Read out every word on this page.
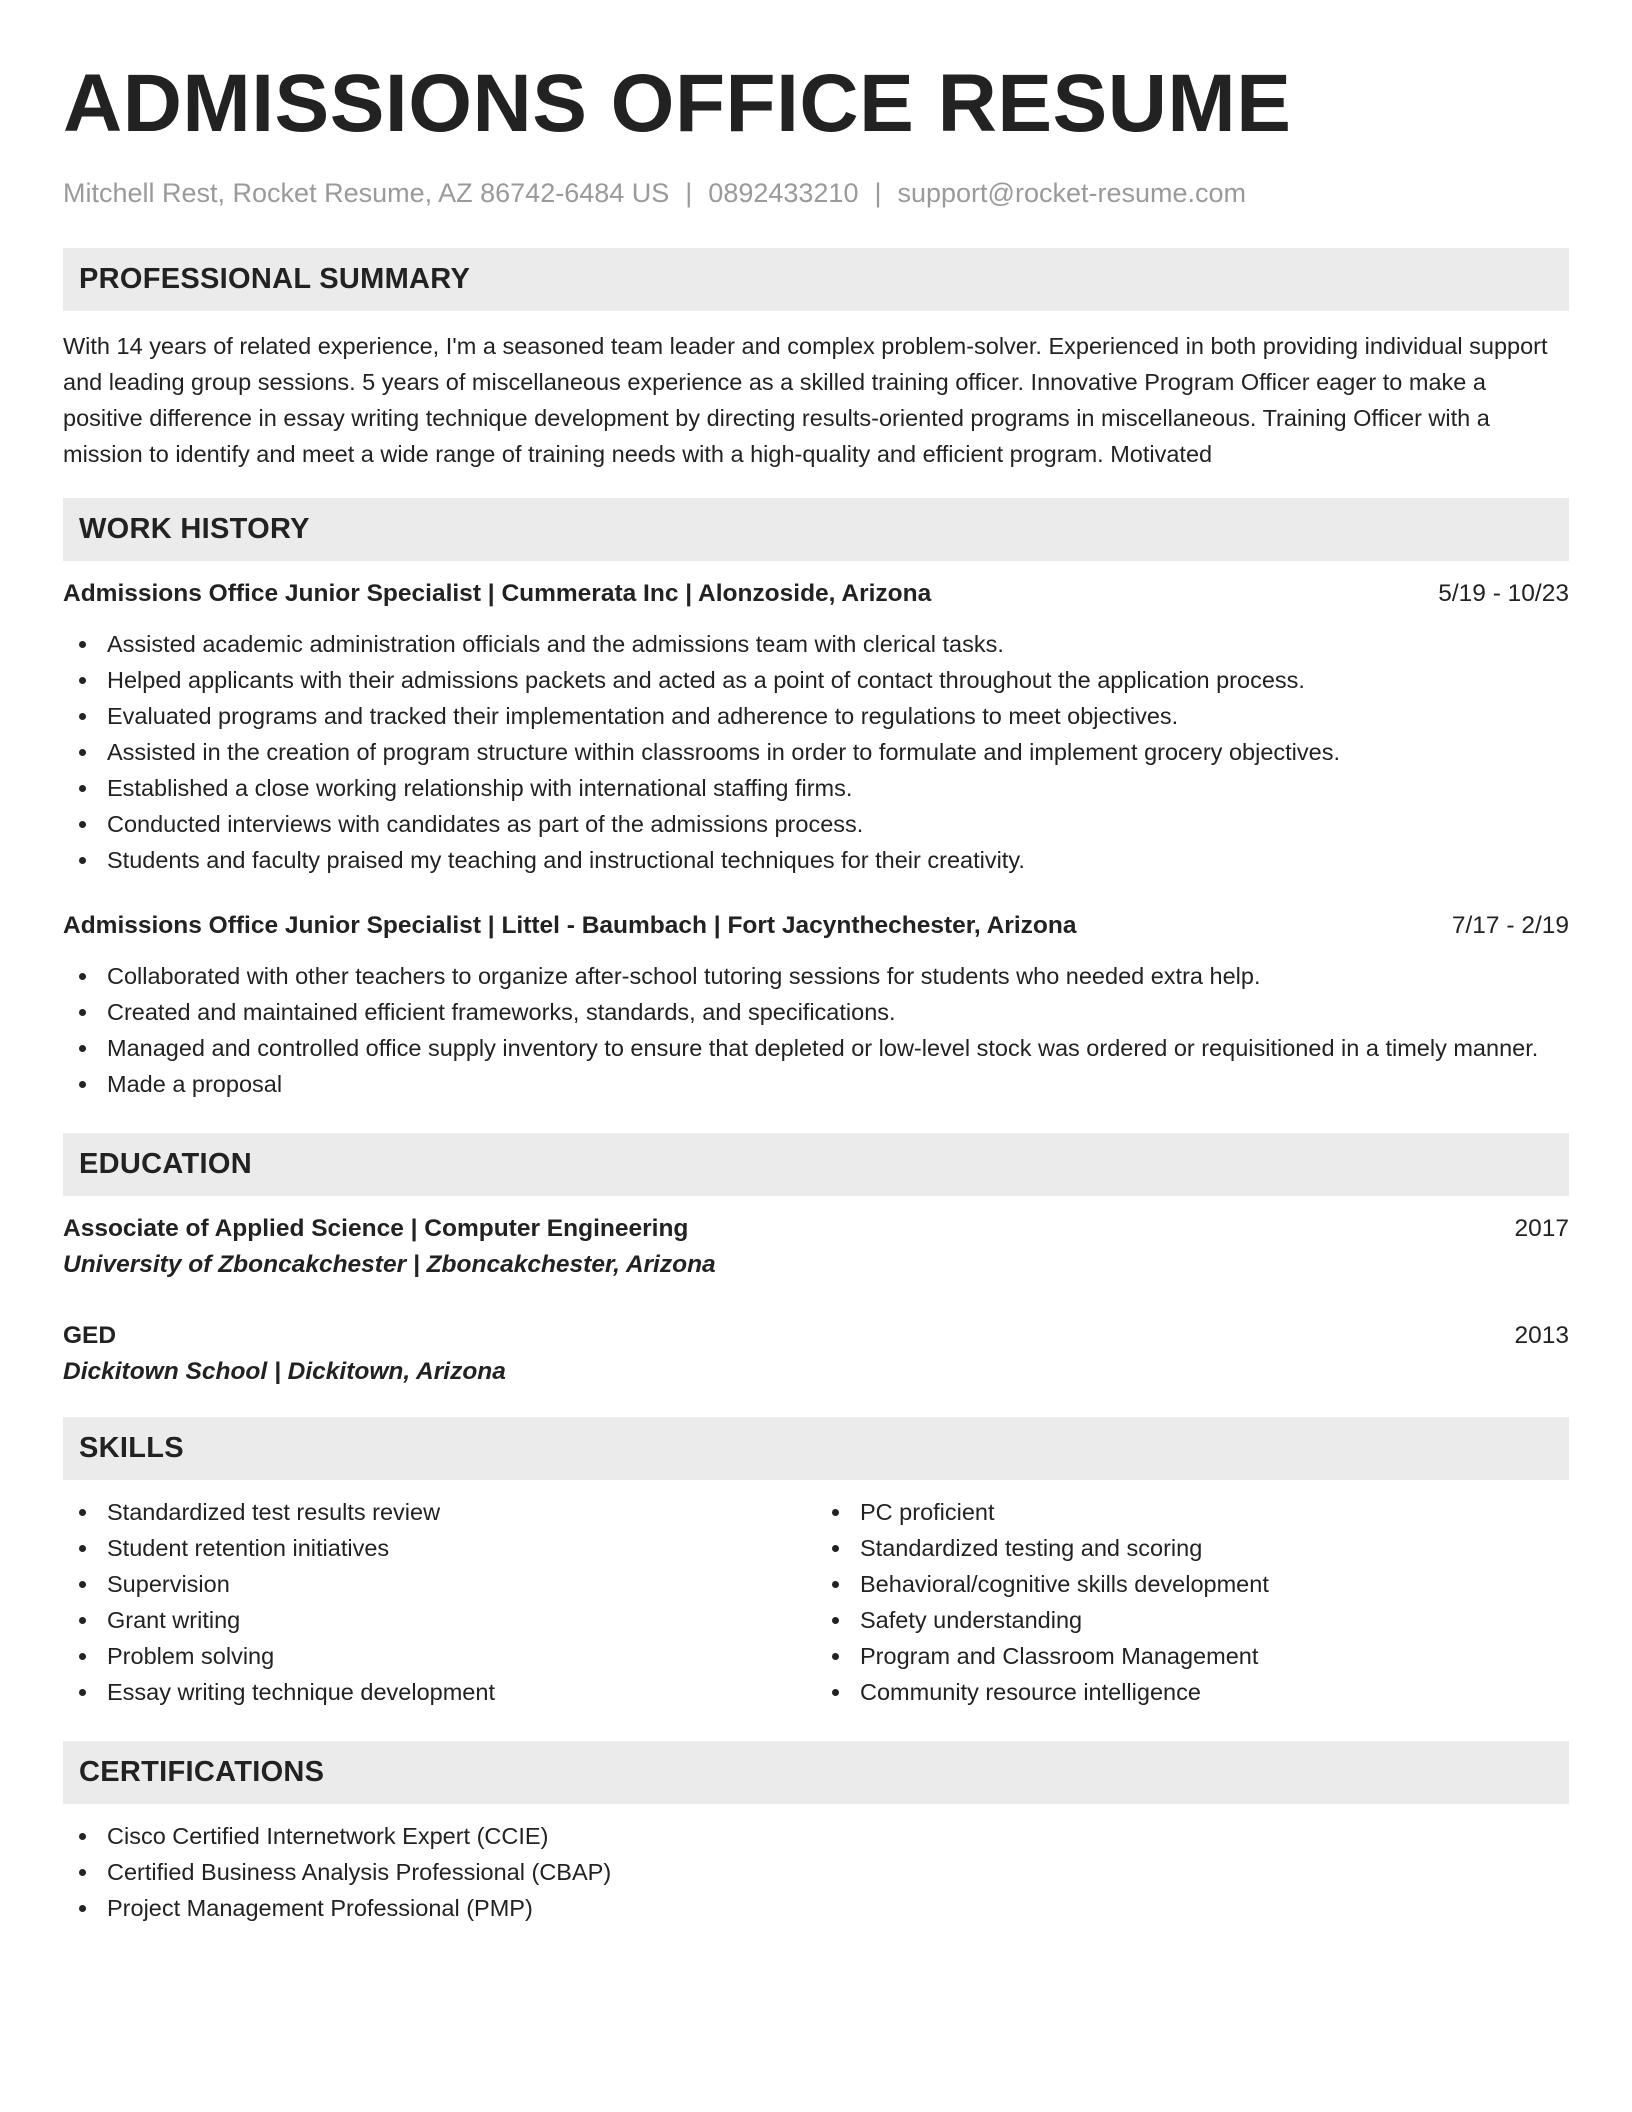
ADMISSIONS OFFICE RESUME
Mitchell Rest, Rocket Resume, AZ 86742-6484 US | 0892433210 | support@rocket-resume.com
PROFESSIONAL SUMMARY

With 14 years of related experience, I'm a seasoned team leader and complex problem-solver. Experienced in both providing individual support and leading group sessions. 5 years of miscellaneous experience as a skilled training officer. Innovative Program Officer eager to make a positive difference in essay writing technique development by directing results-oriented programs in miscellaneous. Training Officer with a mission to identify and meet a wide range of training needs with a high-quality and efficient program. Motivated

WORK HISTORY
Admissions Office Junior Specialist | Cummerata Inc | Alonzoside, Arizona	5/19 - 10/23
Assisted academic administration officials and the admissions team with clerical tasks.
Helped applicants with their admissions packets and acted as a point of contact throughout the application process.
Evaluated programs and tracked their implementation and adherence to regulations to meet objectives.
Assisted in the creation of program structure within classrooms in order to formulate and implement grocery objectives.
Established a close working relationship with international staffing firms.
Conducted interviews with candidates as part of the admissions process.
Students and faculty praised my teaching and instructional techniques for their creativity.
Admissions Office Junior Specialist | Littel - Baumbach | Fort Jacynthechester, Arizona	7/17 - 2/19
Collaborated with other teachers to organize after-school tutoring sessions for students who needed extra help.
Created and maintained efficient frameworks, standards, and specifications.
Managed and controlled office supply inventory to ensure that depleted or low-level stock was ordered or requisitioned in a timely manner.
Made a proposal
EDUCATION
Associate of Applied Science | Computer Engineering	2017
University of Zboncakchester | Zboncakchester, Arizona
GED	2013
Dickitown School | Dickitown, Arizona
SKILLS
Standardized test results review
Student retention initiatives
Supervision
Grant writing
Problem solving
Essay writing technique development
PC proficient
Standardized testing and scoring
Behavioral/cognitive skills development
Safety understanding
Program and Classroom Management
Community resource intelligence
CERTIFICATIONS
Cisco Certified Internetwork Expert (CCIE)
Certified Business Analysis Professional (CBAP)
Project Management Professional (PMP)
